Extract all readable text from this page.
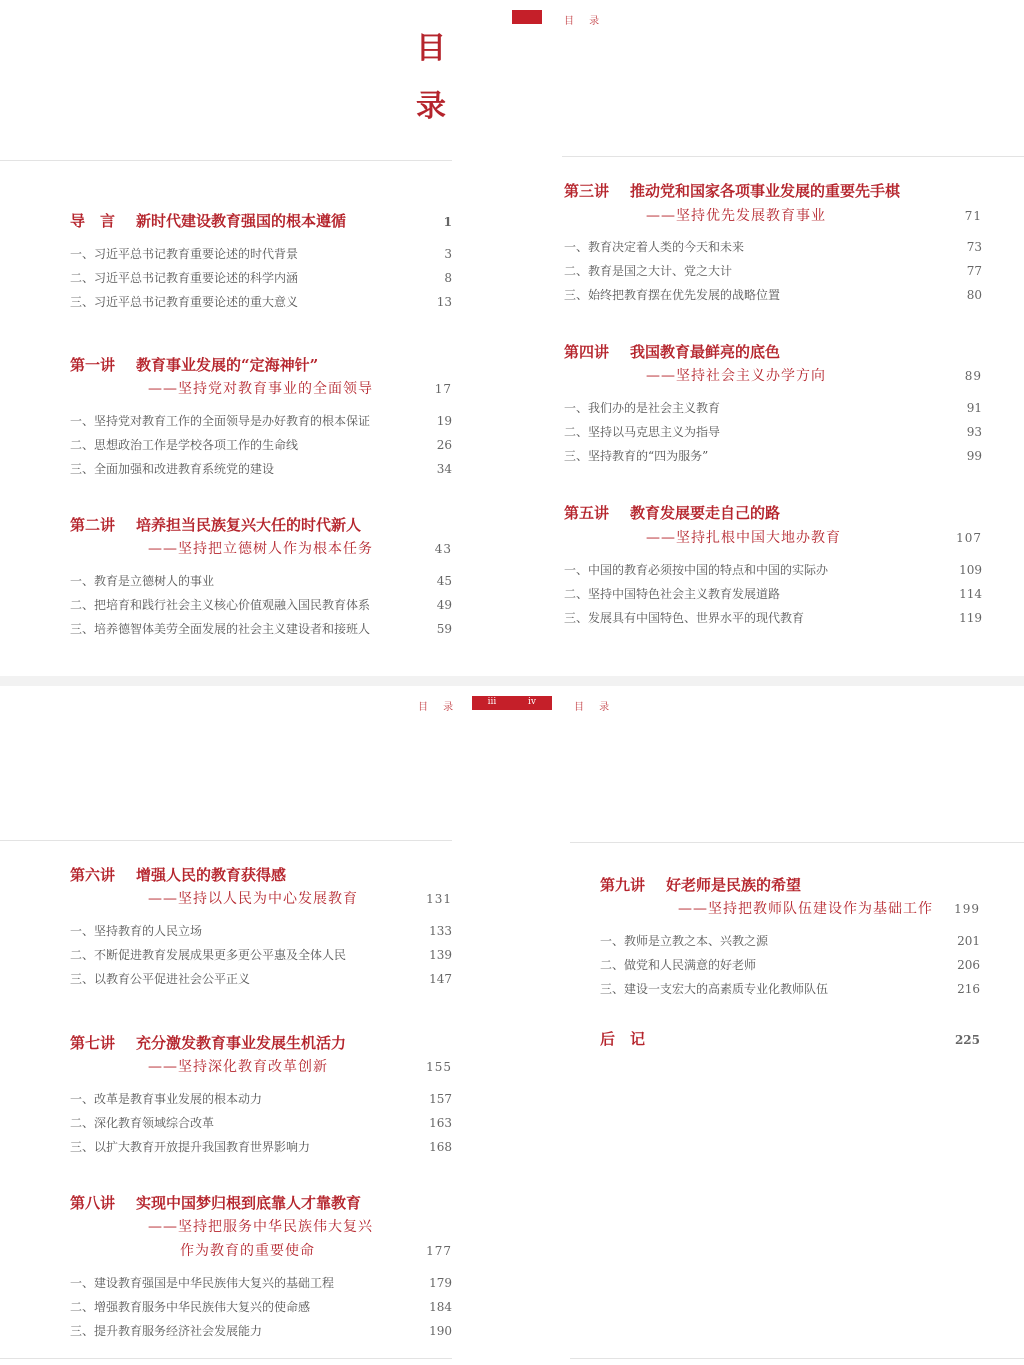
目
录
导　言 新时代建设教育强国的根本遵循	1
一、习近平总书记教育重要论述的时代背景	3
二、习近平总书记教育重要论述的科学内涵	8
三、习近平总书记教育重要论述的重大意义	13
第一讲 教育事业发展的“定海神针”
——坚持党对教育事业的全面领导	17
一、坚持党对教育工作的全面领导是办好教育的根本保证	19
二、思想政治工作是学校各项工作的生命线	26
三、全面加强和改进教育系统党的建设	34
第二讲 培养担当民族复兴大任的时代新人
——坚持把立德树人作为根本任务	43
一、教育是立德树人的事业	45
二、把培育和践行社会主义核心价值观融入国民教育体系	49
三、培养德智体美劳全面发展的社会主义建设者和接班人	59
目 录
第三讲 推动党和国家各项事业发展的重要先手棋
——坚持优先发展教育事业	71
一、教育决定着人类的今天和未来	73
二、教育是国之大计、党之大计	77
三、始终把教育摆在优先发展的战略位置	80
第四讲 我国教育最鲜亮的底色
——坚持社会主义办学方向	89
一、我们办的是社会主义教育	91
二、坚持以马克思主义为指导	93
三、坚持教育的“四为服务”	99
第五讲 教育发展要走自己的路
——坚持扎根中国大地办教育	107
一、中国的教育必须按中国的特点和中国的实际办	109
二、坚持中国特色社会主义教育发展道路	114
三、发展具有中国特色、世界水平的现代教育	119
目 录	iii
第六讲 增强人民的教育获得感
——坚持以人民为中心发展教育	131
一、坚持教育的人民立场	133
二、不断促进教育发展成果更多更公平惠及全体人民	139
三、以教育公平促进社会公平正义	147
第七讲 充分激发教育事业发展生机活力
——坚持深化教育改革创新	155
一、改革是教育事业发展的根本动力	157
二、深化教育领域综合改革	163
三、以扩大教育开放提升我国教育世界影响力	168
第八讲 实现中国梦归根到底靠人才靠教育
——坚持把服务中华民族伟大复兴
作为教育的重要使命	177
一、建设教育强国是中华民族伟大复兴的基础工程	179
二、增强教育服务中华民族伟大复兴的使命感	184
三、提升教育服务经济社会发展能力	190
iv	目 录
第九讲 好老师是民族的希望
——坚持把教师队伍建设作为基础工作	199
一、教师是立教之本、兴教之源	201
二、做党和人民满意的好老师	206
三、建设一支宏大的高素质专业化教师队伍	216
后　记	225
